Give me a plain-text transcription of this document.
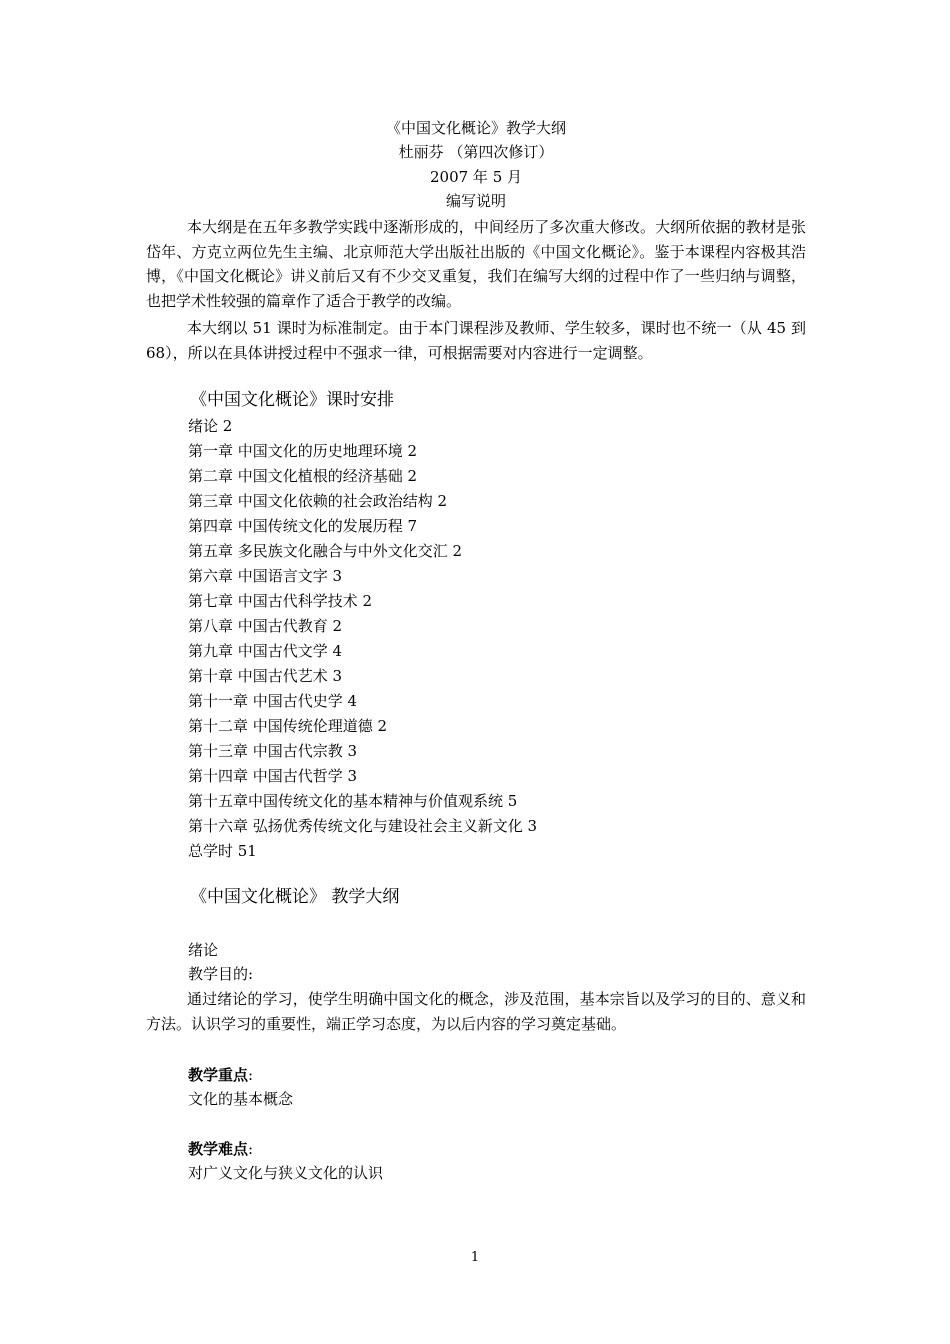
《中国文化概论》教学大纲
杜丽芬 （第四次修订）
2007 年 5 月
编写说明
本大纲是在五年多教学实践中逐渐形成的，中间经历了多次重大修改。大纲所依据的教材是张岱年、方克立两位先生主编、北京师范大学出版社出版的《中国文化概论》。鉴于本课程内容极其浩博，《中国文化概论》讲义前后又有不少交叉重复，我们在编写大纲的过程中作了一些归纳与调整，也把学术性较强的篇章作了适合于教学的改编。
本大纲以 51 课时为标准制定。由于本门课程涉及教师、学生较多，课时也不统一（从 45 到 68），所以在具体讲授过程中不强求一律，可根据需要对内容进行一定调整。
《中国文化概论》课时安排
绪论 2
第一章 中国文化的历史地理环境 2
第二章 中国文化植根的经济基础 2
第三章 中国文化依赖的社会政治结构 2
第四章 中国传统文化的发展历程 7
第五章 多民族文化融合与中外文化交汇 2
第六章 中国语言文字 3
第七章 中国古代科学技术 2
第八章 中国古代教育 2
第九章 中国古代文学 4
第十章 中国古代艺术 3
第十一章 中国古代史学 4
第十二章 中国传统伦理道德 2
第十三章 中国古代宗教 3
第十四章 中国古代哲学 3
第十五章中国传统文化的基本精神与价值观系统 5
第十六章 弘扬优秀传统文化与建设社会主义新文化 3
总学时 51
《中国文化概论》 教学大纲
绪论
教学目的:
通过绪论的学习，使学生明确中国文化的概念，涉及范围，基本宗旨以及学习的目的、意义和方法。认识学习的重要性，端正学习态度，为以后内容的学习奠定基础。
教学重点:
文化的基本概念
教学难点:
对广义文化与狭义文化的认识
1
